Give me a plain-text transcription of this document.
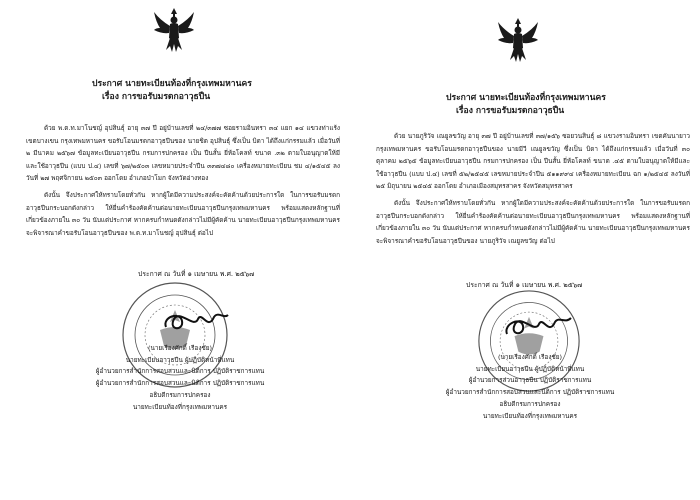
ประกาศ นายทะเบียนท้องที่กรุงเทพมหานคร
เรื่อง การขอรับมรดกอาวุธปืน

ด้วย พ.ต.ท.มาโนชญ์ อุปสินธุ์ อายุ ๓๗ ปี อยู่บ้านเลขที่ ๒๔/๓๗๗ ซอยรามอินทรา ๓๔ แยก ๑๔ แขวงท่าแร้ง เขตบางเขน กรุงเทพมหานคร ขอรับโอนมรดกอาวุธปืนของ นายชิต อุปสินธุ์ ซึ่งเป็น บิดา ได้ถึงแก่กรรมแล้ว เมื่อวันที่ ๒ มีนาคม ๒๕๖๗ ข้อมูลทะเบียนอาวุธปืน กรมการปกครอง เป็น ปืนสั้น ยี่ห้อโคลท์ ขนาด .๓๒ ตามใบอนุญาตให้มีและใช้อาวุธปืน (แบบ ป.๔) เลขที่ ๖๗/๒๕๐๓ เลขหมายประจำปืน ๓๓๗๔๘๐ เครื่องหมายทะเบียน ชม ๔/๑๕๔๕ ลงวันที่ ๒๗ พฤศจิกายน ๒๕๐๓ ออกโดย อำเภอป่าโมก จังหวัดอ่างทอง

ดังนั้น จึงประกาศให้ทราบโดยทั่วกัน หากผู้ใดมีความประสงค์จะคัดค้านด้วยประการใด ในการขอรับมรดกอาวุธปืนกระบอกดังกล่าว ให้ยื่นคำร้องคัดค้านต่อนายทะเบียนอาวุธปืนกรุงเทพมหานคร พร้อมแสดงหลักฐานที่เกี่ยวข้องภายใน ๓๐ วัน นับแต่ประกาศ หากครบกำหนดดังกล่าวไม่มีผู้คัดค้าน นายทะเบียนอาวุธปืนกรุงเทพมหานครจะพิจารณาคำขอรับโอนอาวุธปืนของ พ.ต.ท.มาโนชญ์ อุปสินธุ์ ต่อไป

ประกาศ ณ วันที่ ๑ เมษายน พ.ศ. ๒๕๖๗
(นายเรืองศักดิ์ เรืองชัย)
นายทะเบียนอาวุธปืน ผู้ปฏิบัติหน้าที่แทน
ผู้อำนวยการสำนักการสอบสวนและนิติการ ปฏิบัติราชการแทน
ผู้อำนวยการสำนักการสอบสวนและนิติการ ปฏิบัติราชการแทน
อธิบดีกรมการปกครอง
นายทะเบียนท้องที่กรุงเทพมหานคร
ประกาศ นายทะเบียนท้องที่กรุงเทพมหานคร
เรื่อง การขอรับมรดกอาวุธปืน

ด้วย นายภูริวัจ เณยูลขวัญ อายุ ๓๗ ปี อยู่บ้านเลขที่ ๓๗/๑๕๖ ซอยวนสินธุ์ ๘ แขวงรามอินทรา เขตคันนายาว กรุงเทพมหานคร ขอรับโอนมรดกอาวุธปืนของ นายมีวี เณยูลขวัญ ซึ่งเป็น บิดา ได้ถึงแก่กรรมแล้ว เมื่อวันที่ ๓๐ ตุลาคม ๒๕๖๕ ข้อมูลทะเบียนอาวุธปืน กรมการปกครอง เป็น ปืนสั้น ยี่ห้อโคลท์ ขนาด .๔๕ ตามใบอนุญาตให้มีและใช้อาวุธปืน (แบบ ป.๔) เลขที่ ๕๒/๒๕๔๕ เลขหมายประจำปืน ๕๑๑๙๙๔ เครื่องหมายทะเบียน ฉก ๑/๒๕๔๕ ลงวันที่ ๒๕ มิถุนายน ๒๕๔๕ ออกโดย อำเภอเมืองสมุทรสาคร จังหวัดสมุทรสาคร

ดังนั้น จึงประกาศให้ทราบโดยทั่วกัน หากผู้ใดมีความประสงค์จะคัดค้านด้วยประการใด ในการขอรับมรดกอาวุธปืนกระบอกดังกล่าว ให้ยื่นคำร้องคัดค้านต่อนายทะเบียนอาวุธปืนกรุงเทพมหานคร พร้อมแสดงหลักฐานที่เกี่ยวข้องภายใน ๓๐ วัน นับแต่ประกาศ หากครบกำหนดดังกล่าวไม่มีผู้คัดค้าน นายทะเบียนอาวุธปืนกรุงเทพมหานครจะพิจารณาคำขอรับโอนอาวุธปืนของ นายภูริวัจ เณยูลขวัญ ต่อไป

ประกาศ ณ วันที่ ๑ เมษายน พ.ศ. ๒๕๖๗
(นายเรืองศักดิ์ เรืองชัย)
นายทะเบียนอาวุธปืน ผู้ปฏิบัติหน้าที่แทน
ผู้อำนวยการส่วนอาวุธปืน ปฏิบัติราชการแทน
ผู้อำนวยการสำนักการสอบสวนและนิติการ ปฏิบัติราชการแทน
อธิบดีกรมการปกครอง
นายทะเบียนท้องที่กรุงเทพมหานคร
